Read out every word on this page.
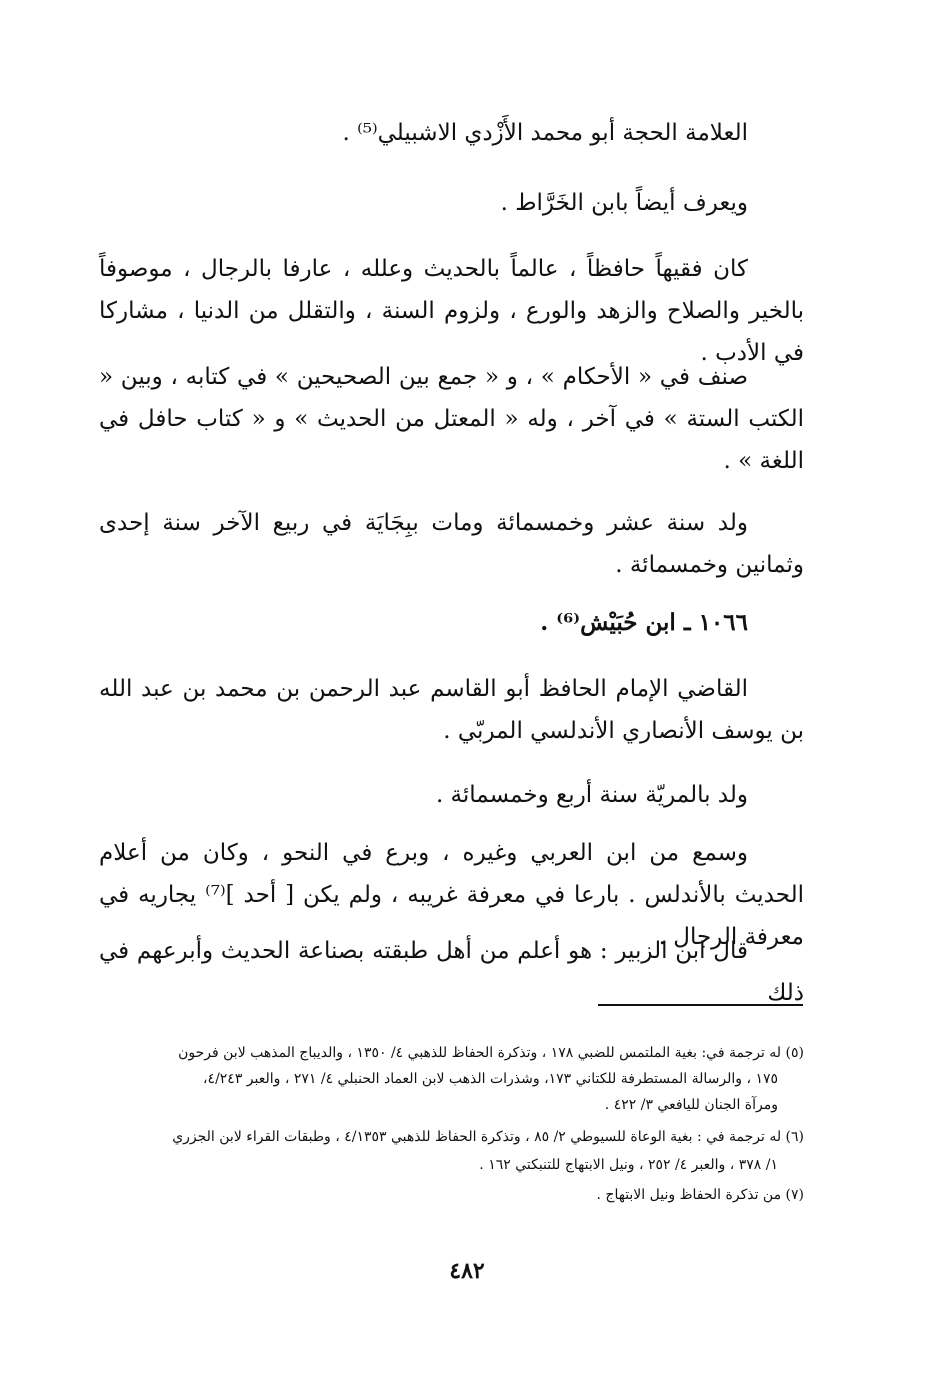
العلامة الحجة أبو محمد الأَزْدي الاشبيلي⁽⁵⁾ .
ويعرف أيضاً بابن الخَرَّاط .
كان فقيهاً حافظاً ، عالماً بالحديث وعلله ، عارفا بالرجال ، موصوفاً بالخير والصلاح والزهد والورع ، ولزوم السنة ، والتقلل من الدنيا ، مشاركا في الأدب .
صنف في « الأحكام » ، و « جمع بين الصحيحين » في كتابه ، وبين « الكتب الستة » في آخر ، وله « المعتل من الحديث » و « كتاب حافل في اللغة » .
ولد سنة عشر وخمسمائة ومات ببِجَايَة في ربيع الآخر سنة إحدى وثمانين وخمسمائة .
١٠٦٦ ـ ابن حُبَيْش⁽⁶⁾ .
القاضي الإمام الحافظ أبو القاسم عبد الرحمن بن محمد بن عبد الله بن يوسف الأنصاري الأندلسي المربّي .
ولد بالمريّة سنة أربع وخمسمائة .
وسمع من ابن العربي وغيره ، وبرع في النحو ، وكان من أعلام الحديث بالأندلس . بارعا في معرفة غريبه ، ولم يكن [ أحد ]⁽⁷⁾ يجاريه في معرفة الرجال .
قال ابن الزبير : هو أعلم من أهل طبقته بصناعة الحديث وأبرعهم في ذلك
(٥) له ترجمة في: بغية الملتمس للضبي ١٧٨ ، وتذكرة الحفاظ للذهبي ٤/ ١٣٥٠ ، والديباج المذهب لابن فرحون
١٧٥ ، والرسالة المستطرفة للكتاني ١٧٣، وشذرات الذهب لابن العماد الحنبلي ٤/ ٢٧١ ، والعبر ٤/٢٤٣،
ومرآة الجنان لليافعي ٣/ ٤٢٢ .
(٦) له ترجمة في : بغية الوعاة للسيوطي ٢/ ٨٥ ، وتذكرة الحفاظ للذهبي ٤/١٣٥٣ ، وطبقات القراء لابن الجزري
١/ ٣٧٨ ، والعبر ٤/ ٢٥٢ ، ونيل الابتهاج للتنبكتي ١٦٢ .
(٧) من تذكرة الحفاظ ونيل الابتهاج .
٤٨٢
